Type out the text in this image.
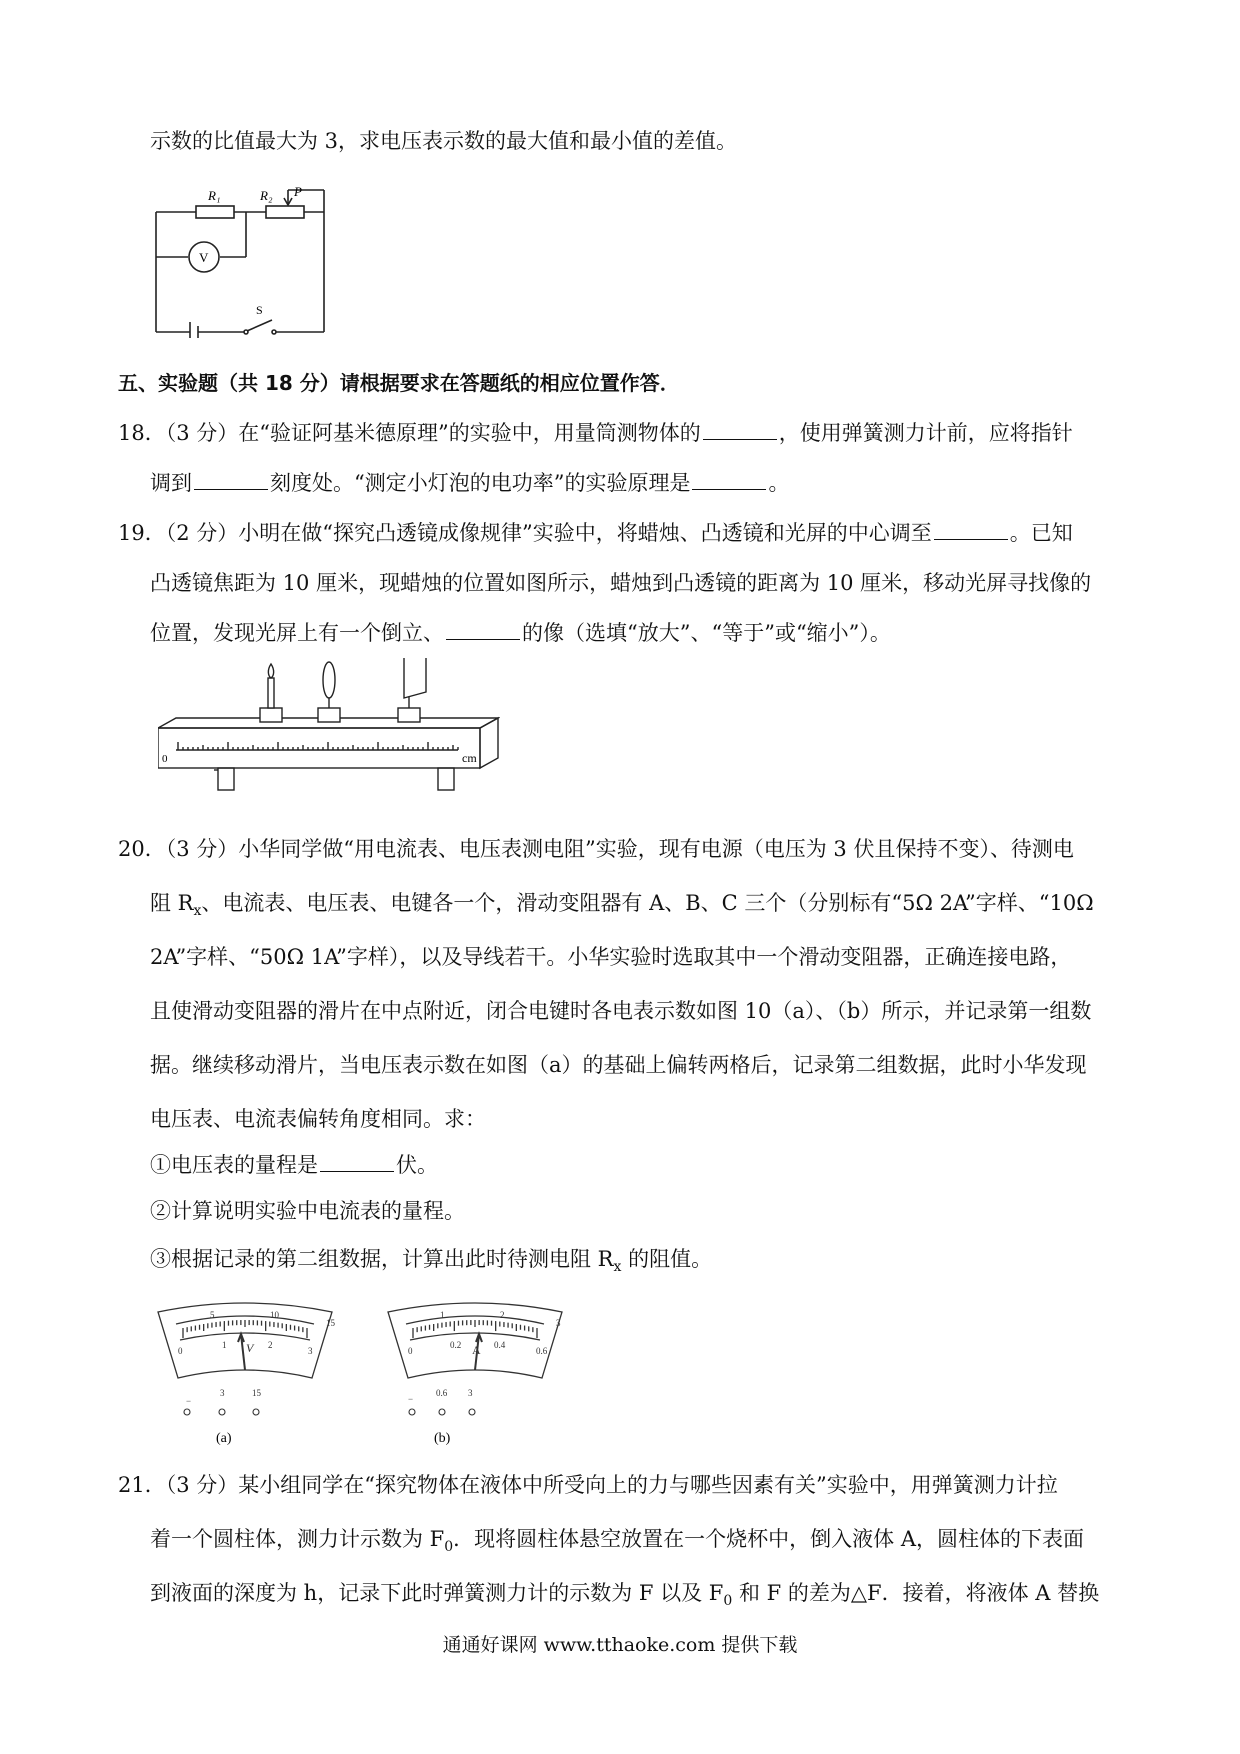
示数的比值最大为 3，求电压表示数的最大值和最小值的差值。
R₁	R₂ P
V
S
五、实验题（共 18 分）请根据要求在答题纸的相应位置作答．
18．（3 分）在“验证阿基米德原理”的实验中，用量筒测物体的	，使用弹簧测力计前，应将指针
调到	刻度处。“测定小灯泡的电功率”的实验原理是	。
19．（2 分）小明在做“探究凸透镜成像规律”实验中，将蜡烛、凸透镜和光屏的中心调至	。已知
凸透镜焦距为 10 厘米，现蜡烛的位置如图所示，蜡烛到凸透镜的距离为 10 厘米，移动光屏寻找像的
位置，发现光屏上有一个倒立、	的像（选填“放大”、“等于”或“缩小”）。
0	cm
20．（3 分）小华同学做“用电流表、电压表测电阻”实验，现有电源（电压为 3 伏且保持不变）、待测电
阻 $R_x$、电流表、电压表、电键各一个，滑动变阻器有 A、B、C 三个（分别标有“5Ω 2A”字样、“10Ω
2A”字样、“50Ω 1A”字样），以及导线若干。小华实验时选取其中一个滑动变阻器，正确连接电路，
且使滑动变阻器的滑片在中点附近，闭合电键时各电表示数如图 10（a）、（b）所示，并记录第一组数
据。继续移动滑片，当电压表示数在如图（a）的基础上偏转两格后，记录第二组数据，此时小华发现
电压表、电流表偏转角度相同。求：
①电压表的量程是	伏。
②计算说明实验中电流表的量程。
③根据记录的第二组数据，计算出此时待测电阻 $R_x$ 的阻值。
5	10
15
0
1	2
3
V
1	2
3
0
0.2	0.4
0.6
A
−
3	15
−
0.6 3
(a)	(b)
21．（3 分）某小组同学在“探究物体在液体中所受向上的力与哪些因素有关”实验中，用弹簧测力计拉
着一个圆柱体，测力计示数为 $F_0$．现将圆柱体悬空放置在一个烧杯中，倒入液体 A，圆柱体的下表面
到液面的深度为 h，记录下此时弹簧测力计的示数为 F 以及 $F_0$ 和 F 的差为△F．接着，将液体 A 替换
通通好课网 www.tthaoke.com 提供下载
